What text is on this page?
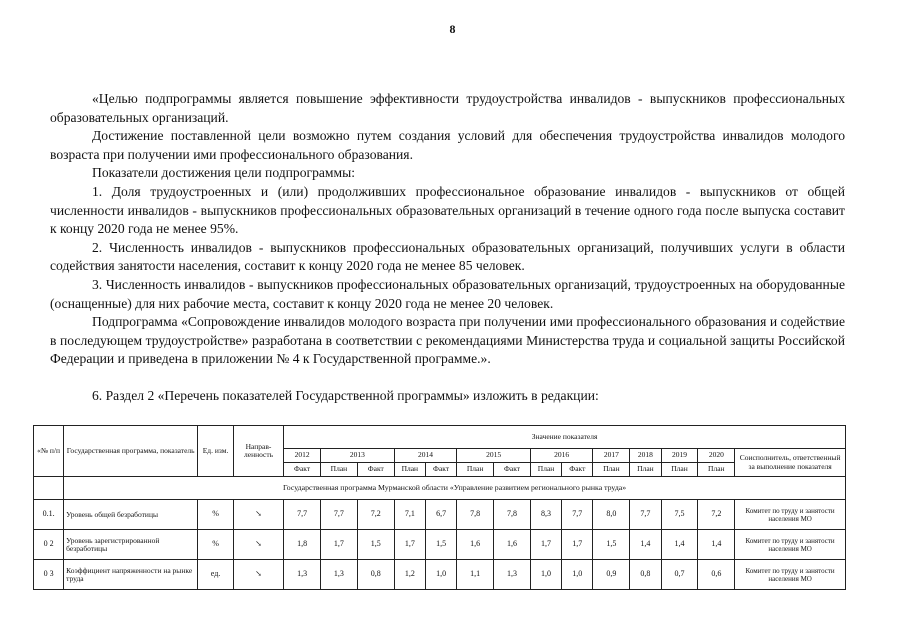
8

«Целью подпрограммы является повышение эффективности трудоустройства инвалидов - выпускников профессиональных образовательных организаций.

Достижение поставленной цели возможно путем создания условий для обеспечения трудоустройства инвалидов молодого возраста при получении ими профессионального образования.

Показатели достижения цели подпрограммы:

1. Доля трудоустроенных и (или) продолживших профессиональное образование инвалидов - выпускников от общей численности инвалидов - выпускников профессиональных образовательных организаций в течение одного года после выпуска составит к концу 2020 года не менее 95%.

2. Численность инвалидов - выпускников профессиональных образовательных организаций, получивших услуги в области содействия занятости населения, составит к концу 2020 года не менее 85 человек.

3. Численность инвалидов - выпускников профессиональных образовательных организаций, трудоустроенных на оборудованные (оснащенные) для них рабочие места, составит к концу 2020 года не менее 20 человек.

Подпрограмма «Сопровождение инвалидов молодого возраста при получении ими профессионального образования и содействие в последующем трудоустройстве» разработана в соответствии с рекомендациями Министерства труда и социальной защиты Российской Федерации и приведена в приложении № 4 к Государственной программе.».

6. Раздел 2 «Перечень показателей Государственной программы» изложить в редакции:
«№ п/п	Государственная программа, показатель	Ед. изм.	Направ-ленность	Значение показателя													
				2012	2013		2014		2015		2016		2017	2018	2019	2020	Соисполнитель, ответственный за выполнение показателя
				Факт	План	Факт	План	Факт	План	Факт	План	Факт	План	План	План	План	
	Государственная программа Мурманской области «Управление развитием регионального рынка труда»																
0.1.	Уровень общей безработицы	%	↘	7,7	7,7	7,2	7,1	6,7	7,8	7,8	8,3	7,7	8,0	7,7	7,5	7,2	Комитет по труду и занятости населения МО
0 2	Уровень зарегистрированной безработицы	%	↘	1,8	1,7	1,5	1,7	1,5	1,6	1,6	1,7	1,7	1,5	1,4	1,4	1,4	Комитет по труду и занятости населения МО
0 3	Коэффициент напряженности на рынке труда	ед.	↘	1,3	1,3	0,8	1,2	1,0	1,1	1,3	1,0	1,0	0,9	0,8	0,7	0,6	Комитет по труду и занятости населения МО
